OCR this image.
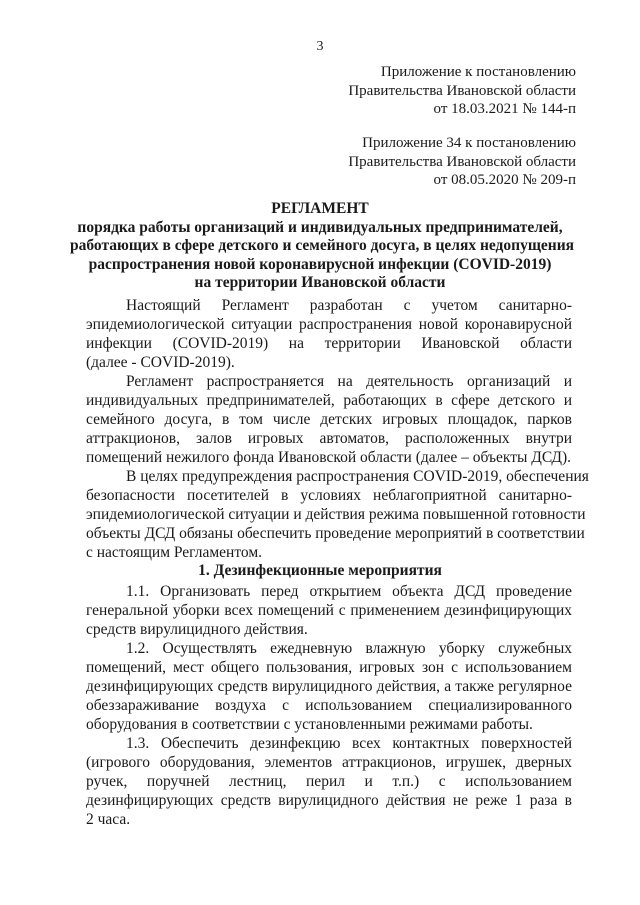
3
Приложение к постановлению
Правительства Ивановской области
от 18.03.2021 № 144-п
Приложение 34 к постановлению
Правительства Ивановской области
от 08.05.2020 № 209-п
РЕГЛАМЕНТ
порядка работы организаций и индивидуальных предпринимателей,
работающих в сфере детского и семейного досуга, в целях недопущения
распространения новой коронавирусной инфекции (COVID-2019)
на территории Ивановской области
Настоящий Регламент разработан с учетом санитарно-
эпидемиологической ситуации распространения новой коронавирусной
инфекции (COVID-2019) на территории Ивановской области
(далее - COVID-2019).
Регламент распространяется на деятельность организаций и
индивидуальных предпринимателей, работающих в сфере детского и
семейного досуга, в том числе детских игровых площадок, парков
аттракционов, залов игровых автоматов, расположенных внутри
помещений нежилого фонда Ивановской области (далее – объекты ДСД).
В целях предупреждения распространения COVID-2019, обеспечения
безопасности посетителей в условиях неблагоприятной санитарно-
эпидемиологической ситуации и действия режима повышенной готовности
объекты ДСД обязаны обеспечить проведение мероприятий в соответствии
с настоящим Регламентом.
1. Дезинфекционные мероприятия
1.1. Организовать перед открытием объекта ДСД проведение
генеральной уборки всех помещений с применением дезинфицирующих
средств вирулицидного действия.
1.2. Осуществлять ежедневную влажную уборку служебных
помещений, мест общего пользования, игровых зон с использованием
дезинфицирующих средств вирулицидного действия, а также регулярное
обеззараживание воздуха с использованием специализированного
оборудования в соответствии с установленными режимами работы.
1.3. Обеспечить дезинфекцию всех контактных поверхностей
(игрового оборудования, элементов аттракционов, игрушек, дверных
ручек, поручней лестниц, перил и т.п.) с использованием
дезинфицирующих средств вирулицидного действия не реже 1 раза в
2 часа.
